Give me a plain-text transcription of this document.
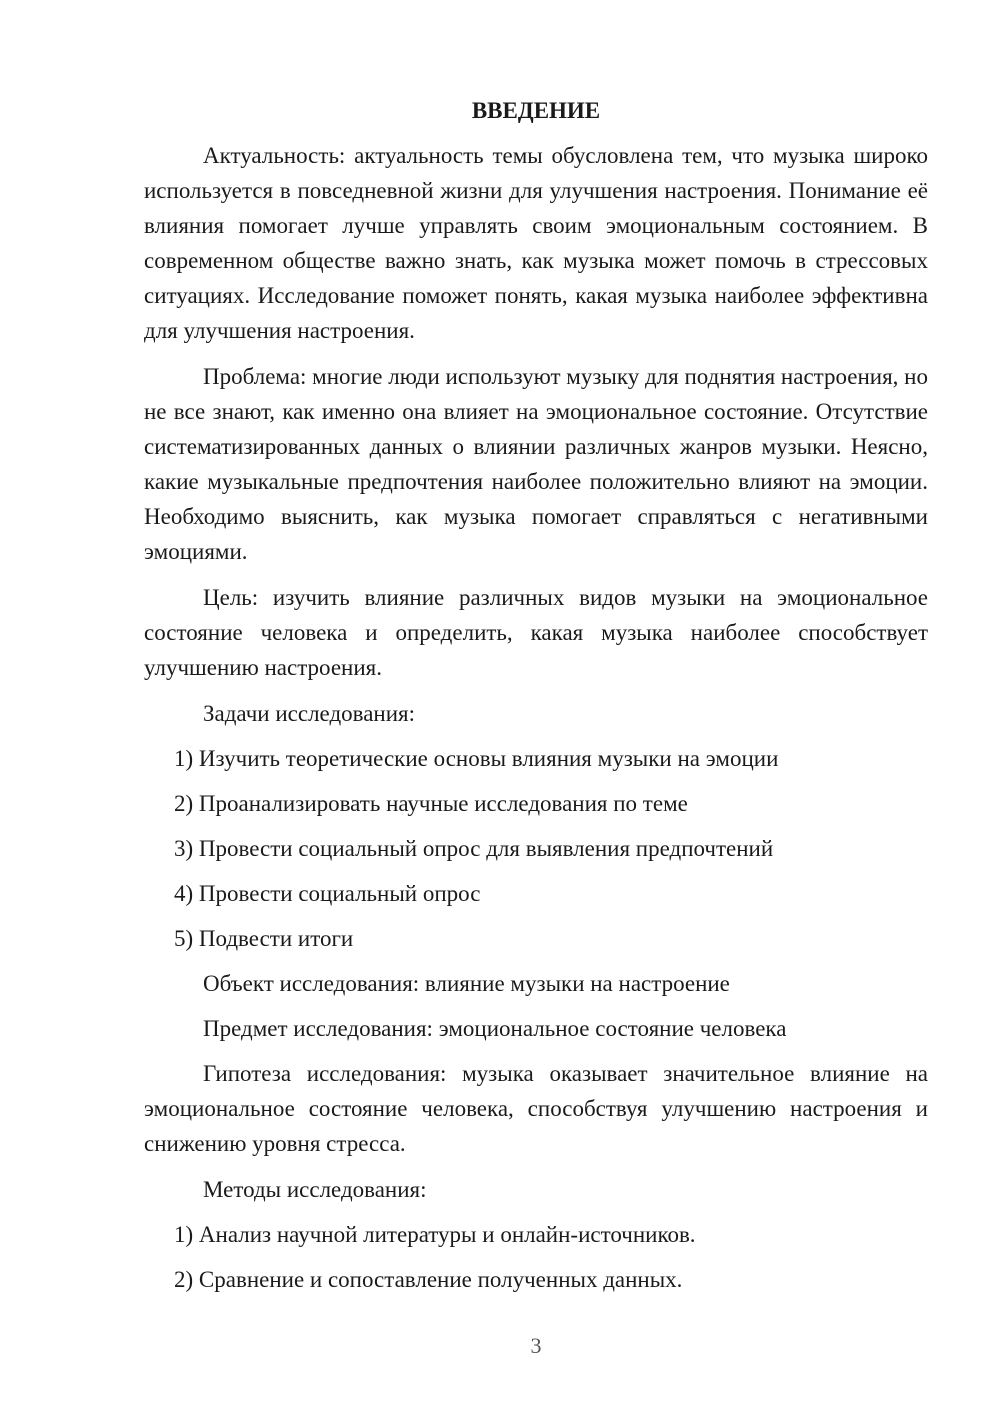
ВВЕДЕНИЕ

Актуальность: актуальность темы обусловлена тем, что музыка широко используется в повседневной жизни для улучшения настроения. Понимание её влияния помогает лучше управлять своим эмоциональным состоянием. В современном обществе важно знать, как музыка может помочь в стрессовых ситуациях. Исследование поможет понять, какая музыка наиболее эффективна для улучшения настроения.

Проблема: многие люди используют музыку для поднятия настроения, но не все знают, как именно она влияет на эмоциональное состояние. Отсутствие систематизированных данных о влиянии различных жанров музыки. Неясно, какие музыкальные предпочтения наиболее положительно влияют на эмоции. Необходимо выяснить, как музыка помогает справляться с негативными эмоциями.

Цель: изучить влияние различных видов музыки на эмоциональное состояние человека и определить, какая музыка наиболее способствует улучшению настроения.

Задачи исследования:
1) Изучить теоретические основы влияния музыки на эмоции
2) Проанализировать научные исследования по теме
3) Провести социальный опрос для выявления предпочтений
4) Провести социальный опрос
5) Подвести итоги
Объект исследования: влияние музыки на настроение
Предмет исследования: эмоциональное состояние человека

Гипотеза исследования: музыка оказывает значительное влияние на эмоциональное состояние человека, способствуя улучшению настроения и снижению уровня стресса.

Методы исследования:
1) Анализ научной литературы и онлайн-источников.
2) Сравнение и сопоставление полученных данных.
3
